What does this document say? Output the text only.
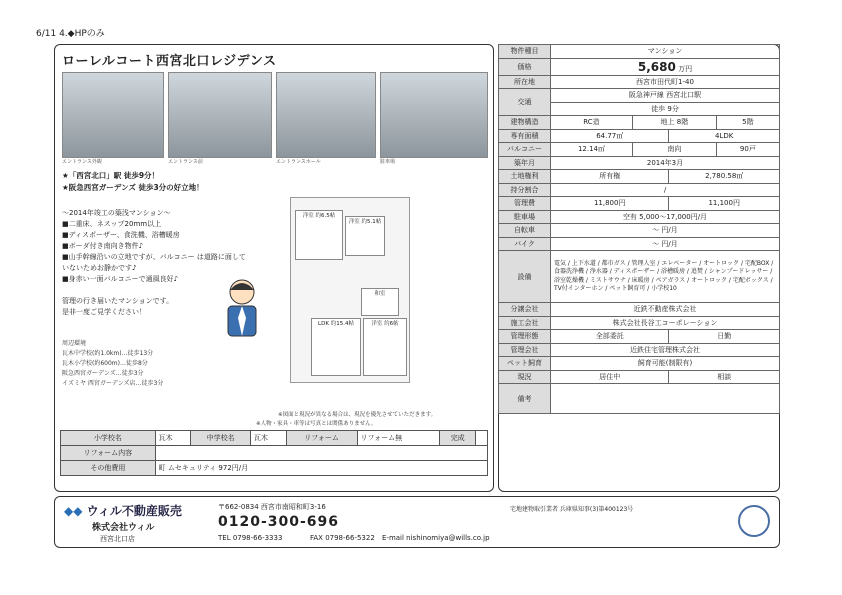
6/11 4.◆HPのみ
ローレルコート西宮北口レジデンス
エントランス外観	エントランス前	エントランスホール	駐車場
★「西宮北口」駅 徒歩9分！
★阪急西宮ガーデンズ 徒歩3分の好立地！
～2014年竣工の築浅マンション～
■二重床、ネスップ20mm以上
■ディスポーザー、食洗機、浴槽暖房
■ボーダ付き南向き物件♪
■山手幹線沿いの立地ですが、バルコニー は道路に面して
いないためお静かです♪
■身赤い一面バルコニーで通風良好♪
管理の行き届いたマンションです。
是非一度ご見学ください！
周辺環境
瓦木中学校(約1.0km)…徒歩13分
瓦木小学校(約600m)…徒歩8分
阪急西宮ガーデンズ…徒歩3分
イズミヤ 西宮ガーデンズ店…徒歩3分
洋室 約6.5帖
洋室 約5.1帖
和室
LDK 約15.4帖	洋室 約6帖
※図面と現況が異なる場合は、現況を優先させていただきます。
※人物・家具・車等は写真とは関係ありません。
小学校名	瓦木	中学校名	瓦木	リフォーム	リフォーム無	完成	
リフォーム内容							
その他費用	町 ムセキュリティ 972円/月						
物件種目	マンション			
価格	5,680 万円			
所在地	西宮市田代町1-40			
交通	阪急神戸線 西宮北口駅			
	徒歩 9分			
建物構造	RC造	地上 8階		5階
専有面積	64.77㎡		4LDK	
バルコニー	12.14㎡	南向		90戸
築年月	2014年3月			
土地権利	所有権		2,780.58㎡	
持分割合	/			
管理費	11,800円		11,100円	
駐車場	空有 5,000～17,000円/月			
自転車	～ 円/月			
バイク	～ 円/月			
設備	電気 / 上下水道 / 都市ガス / 管理人室 / エレベーター / オートロック / 宅配BOX / 食器洗浄機 / 浄水器 / ディスポーザー / 浴槽暖房 / 追焚 / シャンプードレッサー / 浴室乾燥機 / ミストサウナ / 床暖房 / ペアガラス / オートロック / 宅配ボックス / TV付インターホン / ペット飼育可 / 小学校10			
分譲会社	近鉄不動産株式会社			
施工会社	株式会社長谷工コーポレーション			
管理形態	全部委託		日勤	
管理会社	近鉄住宅管理株式会社			
ペット飼育	飼育可能(制限有)			
現況	居住中		相談	
備考				
◆◆ ウィル不動産販売
株式会社ウィル
西宮北口店
〒662-0834 西宮市南昭和町3-16
0120-300-696
TEL 0798-66-3333	FAX 0798-66-5322 E-mail nishinomiya@wills.co.jp
宅地建物取引業者 兵庫県知事(3)第400123号
